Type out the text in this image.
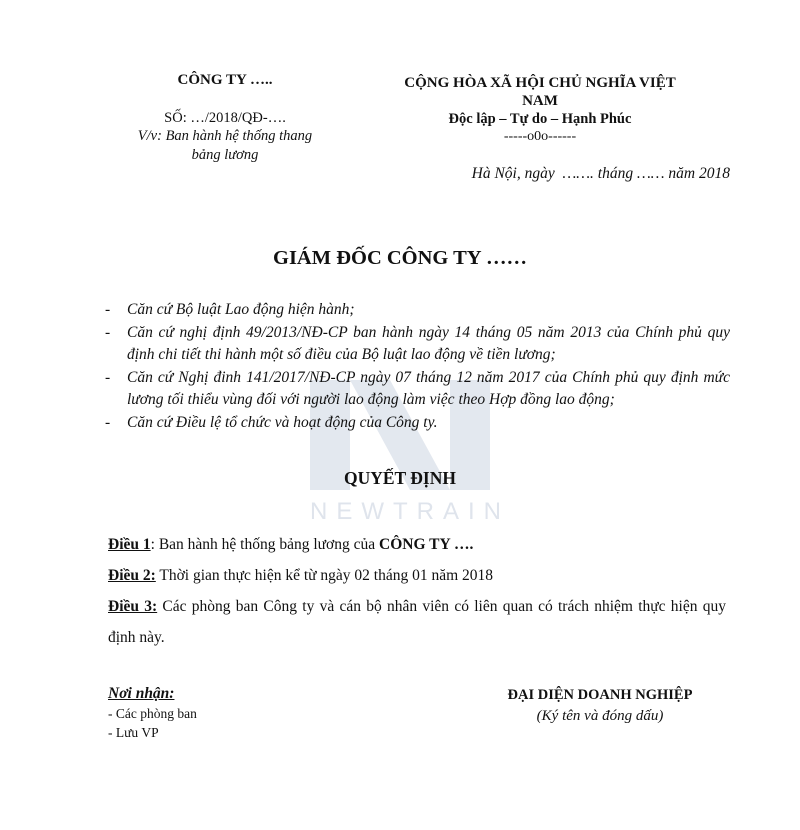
NEWTRAIN
CÔNG TY …..
SỐ: …/2018/QĐ-….
V/v: Ban hành hệ thống thang
bảng lương
CỘNG HÒA XÃ HỘI CHỦ NGHĨA VIỆT NAM
Độc lập – Tự do – Hạnh Phúc
-----o0o------
Hà Nội, ngày  ……. tháng …… năm 2018
GIÁM ĐỐC CÔNG TY ……
- Căn cứ Bộ luật Lao động hiện hành;
- Căn cứ nghị định 49/2013/NĐ-CP ban hành ngày 14 tháng 05 năm 2013 của Chính phủ quy định chi tiết thi hành một số điều của Bộ luật lao động về tiền lương;
- Căn cứ Nghị đinh 141/2017/NĐ-CP ngày 07 tháng 12 năm 2017 của Chính phủ quy định mức lương tối thiểu vùng đối với người lao động làm việc theo Hợp đồng lao động;
- Căn cứ Điều lệ tổ chức và hoạt động của Công ty.
QUYẾT ĐỊNH
Điều 1: Ban hành hệ thống bảng lương của CÔNG TY ….
Điều 2: Thời gian thực hiện kể từ ngày 02 tháng 01 năm 2018
Điều 3: Các phòng ban Công ty và cán bộ nhân viên có liên quan có trách nhiệm thực hiện quy định này.
Nơi nhận:
- Các phòng ban
- Lưu VP
ĐẠI DIỆN DOANH NGHIỆP
(Ký tên và đóng dấu)
